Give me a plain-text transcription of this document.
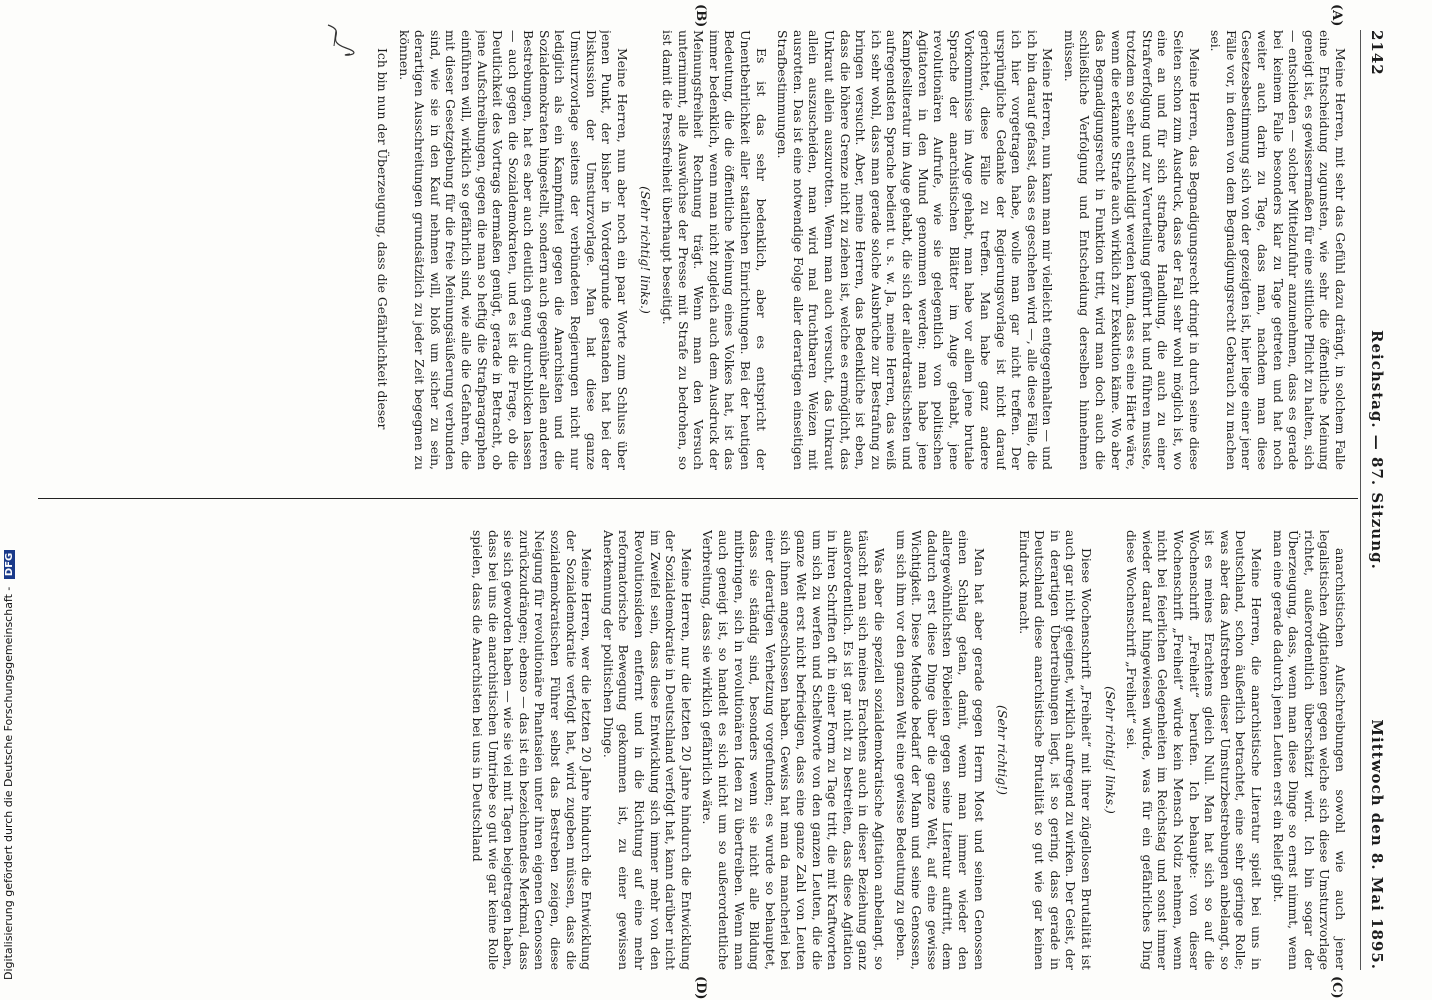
2142
Reichstag. — 87. Sitzung.
Mittwoch den 8. Mai 1895.
(A)
(B)
(C)
(D)

Meine Herren, mit sehr das Gefühl dazu drängt, in solchem Falle eine Entscheidung zugunsten, wie sehr die öffentliche Meinung geneigt ist, es gewissermaßen für eine sittliche Pflicht zu halten, sich — entschieden — solcher Mittelzufuhr anzunehmen, dass es gerade bei keinem Falle besonders klar zu Tage getreten und hat noch weiter auch darin zu Tage, dass man, nachdem man diese Gesetzesbestimmung sich von der gezeigten ist, hier liege einer jener Fälle vor, in denen von dem Begnadigungsrecht Gebrauch zu machen sei.

Meine Herren, das Begnadigungsrecht dringt in durch seine diese Seiten schon zum Ausdruck, dass der Fall sehr wohl möglich ist, wo eine an und für sich strafbare Handlung, die auch zu einer Strafverfolgung und zur Verurteilung geführt hat und führen musste, trotzdem so sehr entschuldigt werden kann, dass es eine Härte wäre, wenn die erkannte Strafe auch wirklich zur Exekution käme. Wo aber das Begnadigungsrecht in Funktion tritt, wird man doch auch die schließliche Verfolgung und Entscheidung derselben hinnehmen müssen.

Meine Herren, nun kann man mir vielleicht entgegenhalten — und ich bin darauf gefasst, dass es geschehen wird —, alle diese Fälle, die ich hier vorgetragen habe, wolle man gar nicht treffen. Der ursprüngliche Gedanke der Regierungsvorlage ist nicht darauf gerichtet, diese Fälle zu treffen. Man habe ganz andere Vorkommnisse im Auge gehabt, man habe vor allem jene brutale Sprache der anarchistischen Blätter im Auge gehabt, jene revolutionären Aufrufe, wie sie gelegentlich von politischen Agitatoren in den Mund genommen werden; man habe jene Kampfesliteratur im Auge gehabt, die sich der allerdrastischsten und aufregendsten Sprache bedient u. s. w. Ja, meine Herren, das weiß ich sehr wohl, dass man gerade solche Ausbrüche zur Bestrafung zu bringen versucht. Aber, meine Herren, das Bedenkliche ist eben, dass die höhere Grenze nicht zu ziehen ist, welche es ermöglicht, das Unkraut allein auszurotten. Wenn man auch versucht, das Unkraut allein auszuscheiden, man wird mal fruchtbaren Weizen mit ausrotten. Das ist eine notwendige Folge aller derartigen einseitigen Strafbestimmungen.

Es ist das sehr bedenklich, aber es entspricht der Unentbehrlichkeit aller staatlichen Einrichtungen. Bei der heutigen Bedeutung, die die öffentliche Meinung eines Volkes hat, ist das immer bedenklich, wenn man nicht zugleich auch dem Ausdruck der Meinungsfreiheit Rechnung trägt. Wenn man den Versuch unternimmt, alle Auswüchse der Presse mit Strafe zu bedrohen, so ist damit die Pressfreiheit überhaupt beseitigt.

(Sehr richtig! links.)

Meine Herren, nun aber noch ein paar Worte zum Schluss über jenen Punkt, der bisher in Vordergrunde gestanden hat bei der Diskussion der Umsturzvorlage. Man hat diese ganze Umsturzvorlage seitens der verbündeten Regierungen nicht nur lediglich als ein Kampfmittel gegen die Anarchisten und die Sozialdemokraten hingestellt, sondern auch gegenüber allen anderen Bestrebungen, hat es aber auch deutlich genug durchblicken lassen — auch gegen die Sozialdemokraten, und es ist die Frage, ob die Deutlichkeit des Vortrags dermaßen genügt, gerade in Betracht, ob jene Aufschreibungen, gegen die man so heftig die Strafparagraphen einführen will, wirklich so gefährlich sind, wie alle die Gefahren, die mit dieser Gesetzgebung für die freie Meinungsäußerung verbunden sind, wie sie in den Kauf nehmen will, bloß um sicher zu sein, derartigen Ausschreitungen grundsätzlich zu jeder Zeit begegnen zu können.

Ich bin nun der Überzeugung, dass die Gefährlichkeit dieser

anarchistischen Aufschreibungen sowohl wie auch jener legalistischen Agitationen gegen welche sich diese Umsturzvorlage richtet, außerordentlich überschätzt wird. Ich bin sogar der Überzeugung, dass, wenn man diese Dinge so ernst nimmt, wenn man eine gerade dadurch jenen Leuten erst ein Relief gibt.

Meine Herren, die anarchistische Literatur spielt bei uns in Deutschland, schon äußerlich betrachtet, eine sehr geringe Rolle; was aber das Aufstreben dieser Umsturzbestrebungen anbelangt, so ist es meines Erachtens gleich Null. Man hat sich so auf die Wochenschrift „Freiheit“ berufen. Ich behaupte: von dieser Wochenschrift „Freiheit“ würde kein Mensch Notiz nehmen, wenn nicht bei feierlichen Gelegenheiten im Reichstag und sonst immer wieder darauf hingewiesen würde, was für ein gefährliches Ding diese Wochenschrift „Freiheit“ sei.

(Sehr richtig! links.)

Diese Wochenschrift „Freiheit“ mit ihrer zügellosen Brutalität ist auch gar nicht geeignet, wirklich aufregend zu wirken. Der Geist, der in derartigen Übertreibungen liegt, ist so gering, dass gerade in Deutschland diese anarchistische Brutalität so gut wie gar keinen Eindruck macht.

(Sehr richtig!)

Man hat aber gerade gegen Herrn Most und seinen Genossen einen Schlag getan, damit, wenn man immer wieder den allergewöhnlichsten Pöbeleien gegen seine Literatur auftritt, dem dadurch erst diese Dinge über die ganze Welt, auf eine gewisse Wichtigkeit. Diese Methode bedarf der Mann und seine Genossen, um sich ihm vor den ganzen Welt eine gewisse Bedeutung zu geben.

Was aber die speziell sozialdemokratische Agitation anbelangt, so täuscht man sich meines Erachtens auch in dieser Beziehung ganz außerordentlich. Es ist gar nicht zu bestreiten, dass diese Agitation in ihren Schriften oft in einer Form zu Tage tritt, die mit Kraftworten um sich zu werfen und Scheltworte von den ganzen Leuten, die die ganze Welt erst nicht befriedigen, dass eine ganze Zahl von Leuten sich ihnen angeschlossen haben. Gewiss hat man da mancherlei bei einer derartigen Verhetzung vorgefunden; es wurde so behauptet, dass sie ständig sind, besonders wenn sie nicht alle Bildung mitbringen, sich in revolutionären Ideen zu übertreiben. Wenn man auch geneigt ist, so handelt es sich nicht um so außerordentliche Verbreitung, dass sie wirklich gefährlich wäre.

Meine Herren, nur die letzten 20 Jahre hindurch die Entwicklung der Sozialdemokratie in Deutschland verfolgt hat, kann darüber nicht im Zweifel sein, dass diese Entwicklung sich immer mehr von den Revolutionsideen entfernt und in die Richtung auf eine mehr reformatorische Bewegung gekommen ist, zu einer gewissen Anerkennung der politischen Dinge.

Meine Herren, wer die letzten 20 Jahre hindurch die Entwicklung der Sozialdemokratie verfolgt hat, wird zugeben müssen, dass die sozialdemokratischen Führer selbst das Bestreben zeigen, diese Neigung für revolutionäre Phantasien unter ihren eigenen Genossen zurückzudrängen; ebenso — das ist ein bezeichnendes Merkmal, dass sie sich geworden haben — wie sie viel mit Tagen beigetragen haben, dass bei uns die anarchistischen Umtriebe so gut wie gar keine Rolle spielen, dass die Anarchisten bei uns in Deutschland

Digitalisierung gefördert durch die Deutsche Forschungsgemeinschaft - DFG
